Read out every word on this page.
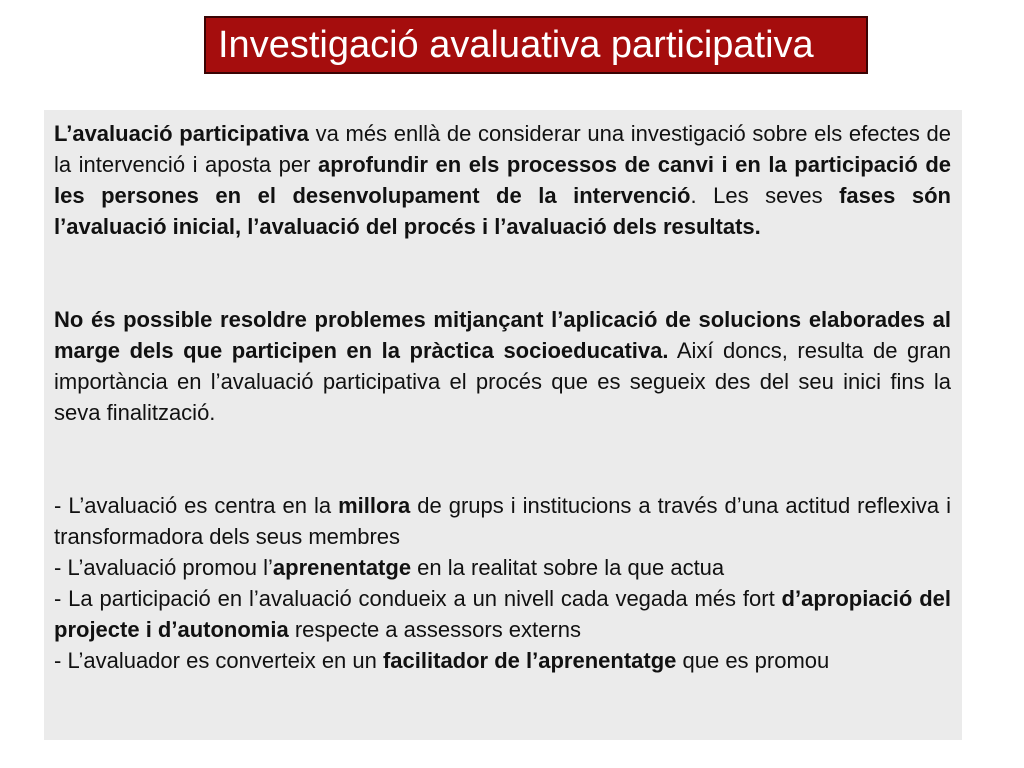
Investigació avaluativa participativa

L’avaluació participativa va més enllà de considerar una investigació sobre els efectes de la intervenció i aposta per aprofundir en els processos de canvi i en la participació de les persones en el desenvolupament de la intervenció. Les seves fases són l’avaluació inicial, l’avaluació del procés i l’avaluació dels resultats.

No és possible resoldre problemes mitjançant l’aplicació de solucions elaborades al marge dels que participen en la pràctica socioeducativa. Així doncs, resulta de gran importància en l’avaluació participativa el procés que es segueix des del seu inici fins la seva finalització.

- L’avaluació es centra en la millora de grups i institucions a través d’una actitud reflexiva i transformadora dels seus membres

- L’avaluació promou l’aprenentatge en la realitat sobre la que actua

- La participació en l’avaluació condueix a un nivell cada vegada més fort d’apropiació del projecte i d’autonomia respecte a assessors externs

- L’avaluador es converteix en un facilitador de l’aprenentatge que es promou
